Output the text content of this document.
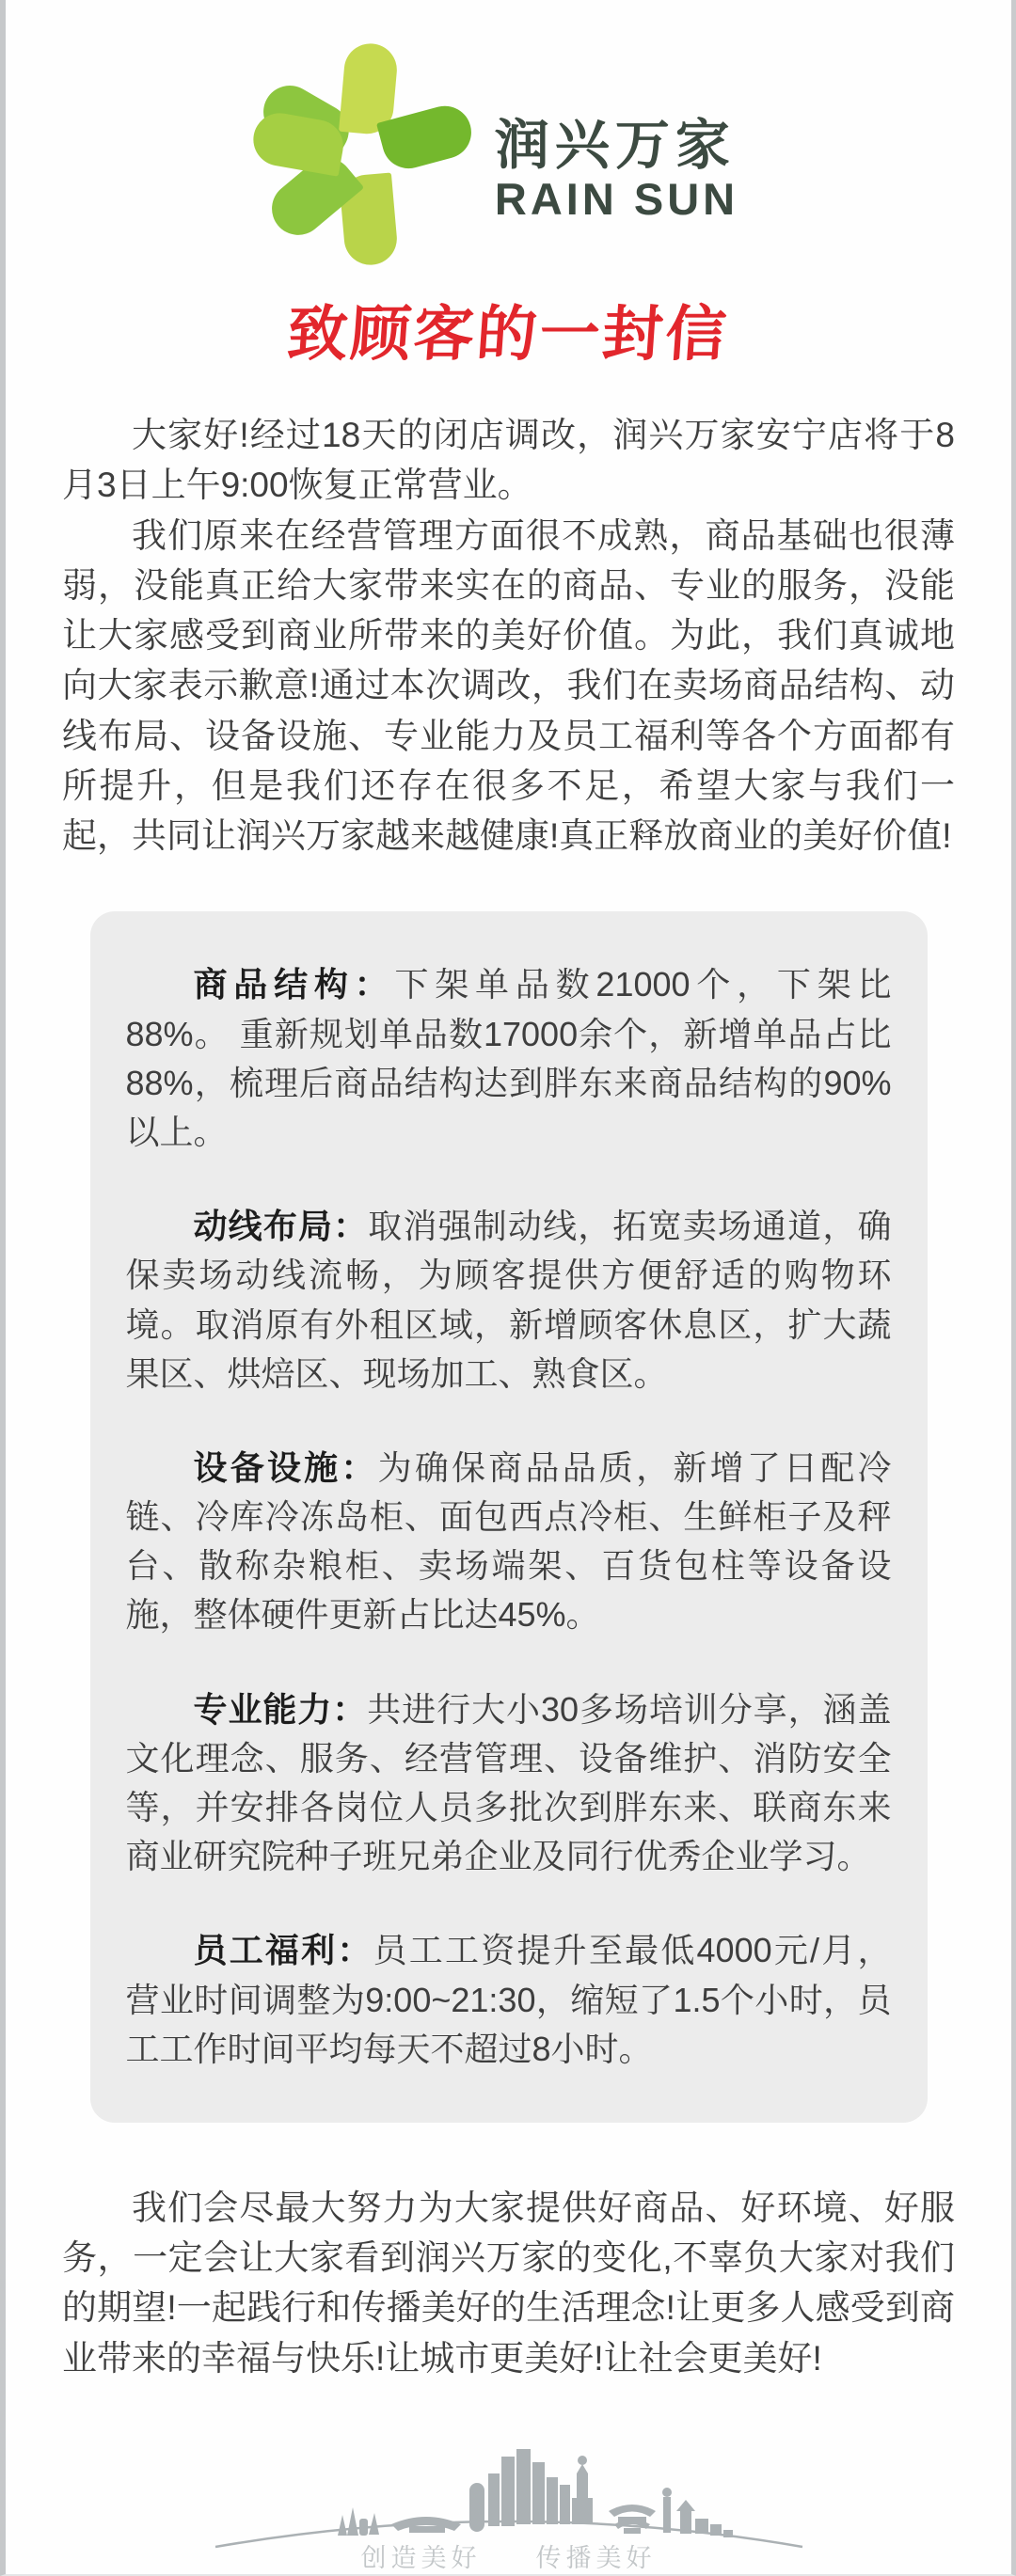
润兴万家
RAIN SUN
致顾客的一封信

大家好!经过18天的闭店调改，润兴万家安宁店将于8月3日上午9:00恢复正常营业。

我们原来在经营管理方面很不成熟，商品基础也很薄弱，没能真正给大家带来实在的商品、专业的服务，没能让大家感受到商业所带来的美好价值。为此，我们真诚地向大家表示歉意!通过本次调改，我们在卖场商品结构、动线布局、设备设施、专业能力及员工福利等各个方面都有所提升，但是我们还存在很多不足，希望大家与我们一起，共同让润兴万家越来越健康!真正释放商业的美好价值!

商品结构：下架单品数21000个，下架比88%。 重新规划单品数17000余个，新增单品占比88%，梳理后商品结构达到胖东来商品结构的90%以上。

动线布局：取消强制动线，拓宽卖场通道，确保卖场动线流畅，为顾客提供方便舒适的购物环境。取消原有外租区域，新增顾客休息区，扩大蔬果区、烘焙区、现场加工、熟食区。

设备设施：为确保商品品质，新增了日配冷链、冷库冷冻岛柜、面包西点冷柜、生鲜柜子及秤台、散称杂粮柜、卖场端架、百货包柱等设备设施，整体硬件更新占比达45%。

专业能力：共进行大小30多场培训分享，涵盖文化理念、服务、经营管理、设备维护、消防安全等，并安排各岗位人员多批次到胖东来、联商东来商业研究院种子班兄弟企业及同行优秀企业学习。

员工福利：员工工资提升至最低4000元/月， 营业时间调整为9:00~21:30，缩短了1.5个小时，员工工作时间平均每天不超过8小时。

我们会尽最大努力为大家提供好商品、好环境、好服务，一定会让大家看到润兴万家的变化,不辜负大家对我们的期望!一起践行和传播美好的生活理念!让更多人感受到商业带来的幸福与快乐!让城市更美好!让社会更美好!

创造美好 传播美好
